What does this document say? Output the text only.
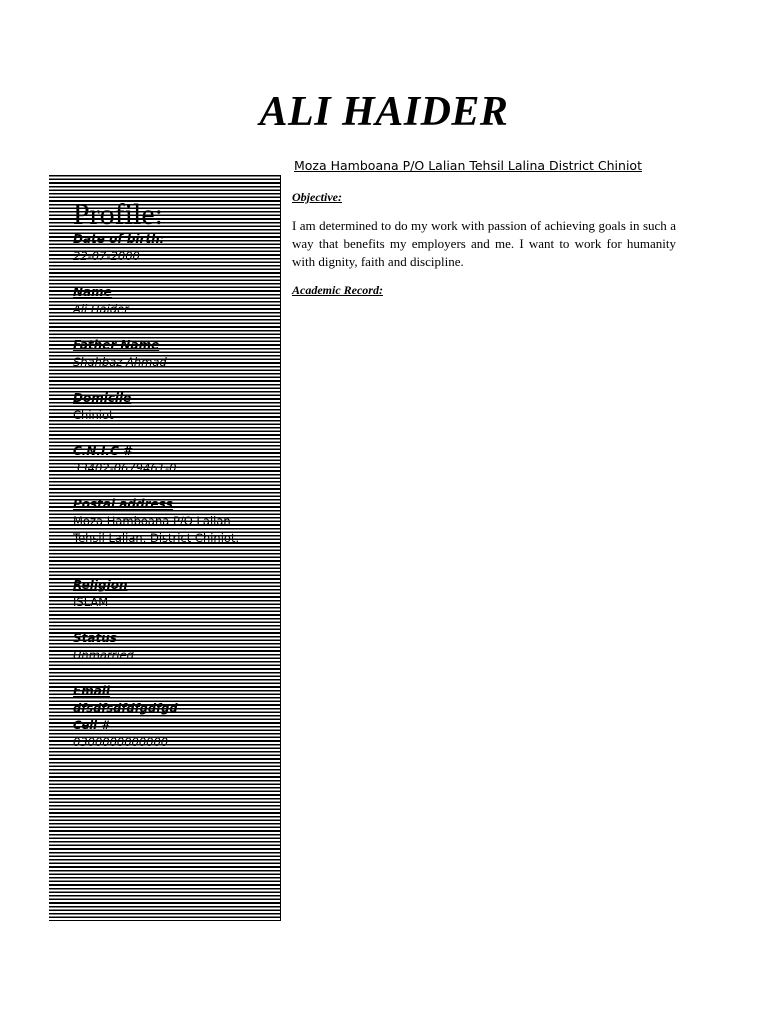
ALI HAIDER
Moza Hamboana P/O Lalian Tehsil Lalina District Chiniot
Profile:
Date of birth:
22-07-2000
Name
Ali Haider
Father Name
Shahbaz Ahmad
Domicile
Chiniot
C.N.I.C #
33402-0679461-0
Postal address
Moza Hamboana P/O Lalian
Tehsil Lalian, District Chiniot.
Religion
ISLAM
Status
Unmarried
Email
dfsdfsdfdfgdfgd
Cell #
0300000000000
Objective:
I am determined to do my work with passion of achieving goals in such a way that benefits my employers and me. I want to work for humanity with dignity, faith and discipline.
Academic Record:
